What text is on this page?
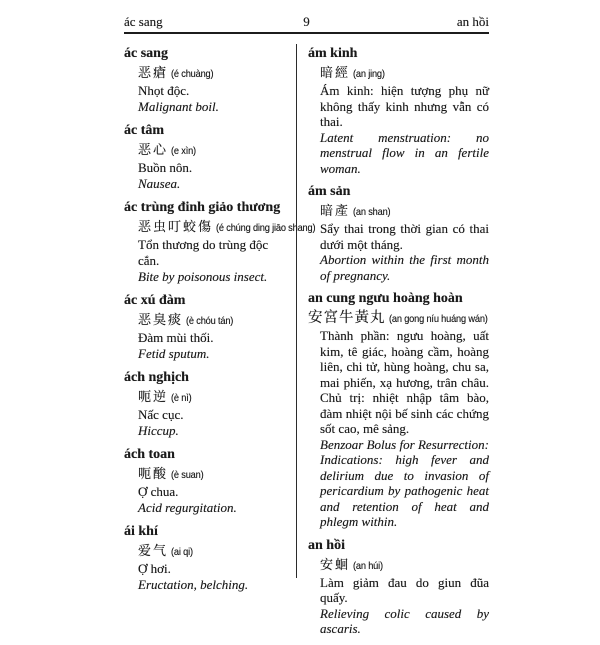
ác sang	9	an hồi
ác sang
恶瘡 (é chuàng)
Nhọt độc.
Malignant boil.
ác tâm
恶心 (e xìn)
Buồn nôn.
Nausea.
ác trùng đinh giảo thương
恶虫叮蛟傷 (é chúng ding jiāo shang)
Tổn thương do trùng độc cắn.
Bite by poisonous insect.
ác xú đàm
恶臭痰 (è chóu tán)
Đàm mùi thối.
Fetid sputum.
ách nghịch
呃逆 (è nì)
Nấc cục.
Hiccup.
ách toan
呃酸 (è suan)
Ợ chua.
Acid regurgitation.
ái khí
爱气 (ai qi)
Ợ hơi.
Eructation, belching.
ám kinh
暗經 (an jing)
Ám kinh: hiện tượng phụ nữ không thấy kinh nhưng vẫn có thai.
Latent menstruation: no menstrual flow in an fertile woman.
ám sản
暗產 (an shan)
Sẩy thai trong thời gian có thai dưới một tháng.
Abortion within the first month of pregnancy.
an cung ngưu hoàng hoàn
安宮牛黃丸 (an gong níu huáng wán)
Thành phần: ngưu hoàng, uất kim, tê giác, hoàng cầm, hoàng liên, chi tử, hùng hoàng, chu sa, mai phiến, xạ hương, trân châu. Chủ trị: nhiệt nhập tâm bào, đàm nhiệt nội bế sinh các chứng sốt cao, mê sảng.
Benzoar Bolus for Resurrection: Indications: high fever and delirium due to invasion of pericardium by pathogenic heat and retention of heat and phlegm within.
an hồi
安蛔 (an húi)
Làm giảm đau do giun đũa quấy.
Relieving colic caused by ascaris.
